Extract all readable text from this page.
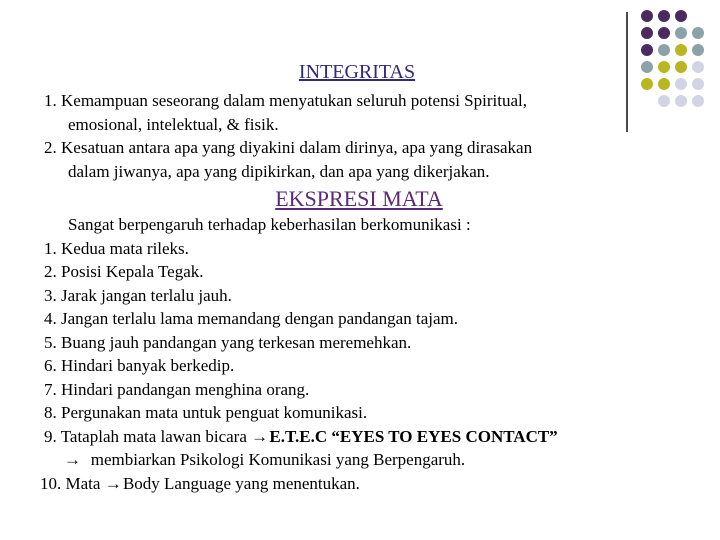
INTEGRITAS
1. Kemampuan seseorang dalam menyatukan seluruh potensi Spiritual,
emosional, intelektual, & fisik.
2. Kesatuan antara apa yang diyakini dalam dirinya, apa yang dirasakan
dalam jiwanya, apa yang dipikirkan, dan apa yang dikerjakan.
EKSPRESI MATA
Sangat berpengaruh terhadap keberhasilan berkomunikasi :
1. Kedua mata rileks.
2. Posisi Kepala Tegak.
3. Jarak jangan terlalu jauh.
4. Jangan terlalu lama memandang dengan pandangan tajam.
5. Buang jauh pandangan yang terkesan meremehkan.
6. Hindari banyak berkedip.
7. Hindari pandangan menghina orang.
8. Pergunakan mata untuk penguat komunikasi.
9. Tataplah mata lawan bicara → E.T.E.C “EYES TO EYES CONTACT”
→ membiarkan Psikologi Komunikasi yang Berpengaruh.
10. Mata → Body Language yang menentukan.
